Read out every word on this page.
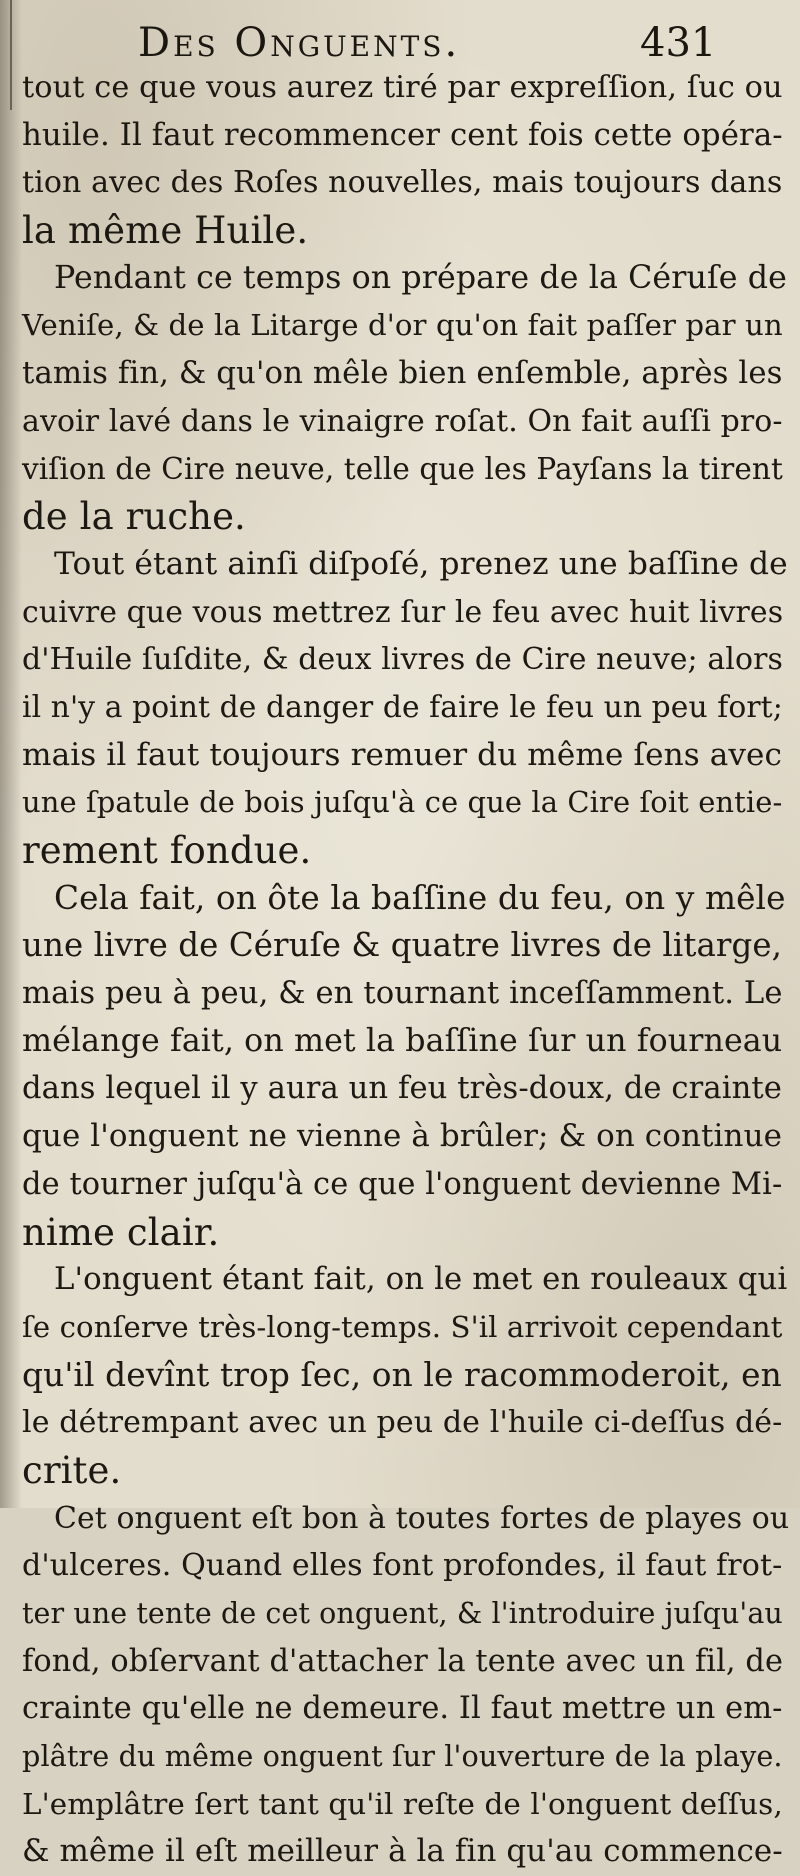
Des Onguents.	431
tout ce que vous aurez tiré par expreſſion, ſuc ou
huile. Il faut recommencer cent fois cette opéra-
tion avec des Roſes nouvelles, mais toujours dans
la même Huile.
Pendant ce temps on prépare de la Céruſe de
Veniſe, & de la Litarge d'or qu'on fait paſſer par un
tamis fin, & qu'on mêle bien enſemble, après les
avoir lavé dans le vinaigre roſat. On fait auſſi pro-
viſion de Cire neuve, telle que les Payſans la tirent
de la ruche.
Tout étant ainſi diſpoſé, prenez une baſſine de
cuivre que vous mettrez ſur le feu avec huit livres
d'Huile ſuſdite, & deux livres de Cire neuve; alors
il n'y a point de danger de faire le feu un peu fort;
mais il faut toujours remuer du même ſens avec
une ſpatule de bois juſqu'à ce que la Cire ſoit entie-
rement fondue.
Cela fait, on ôte la baſſine du feu, on y mêle
une livre de Céruſe & quatre livres de litarge,
mais peu à peu, & en tournant inceſſamment. Le
mélange fait, on met la baſſine ſur un fourneau
dans lequel il y aura un feu très-doux, de crainte
que l'onguent ne vienne à brûler; & on continue
de tourner juſqu'à ce que l'onguent devienne Mi-
nime clair.
L'onguent étant fait, on le met en rouleaux qui
ſe conſerve très-long-temps. S'il arrivoit cependant
qu'il devînt trop ſec, on le racommoderoit, en
le détrempant avec un peu de l'huile ci-deſſus dé-
crite.
Cet onguent eſt bon à toutes fortes de playes ou
d'ulceres. Quand elles font profondes, il faut frot-
ter une tente de cet onguent, & l'introduire juſqu'au
fond, obſervant d'attacher la tente avec un fil, de
crainte qu'elle ne demeure. Il faut mettre un em-
plâtre du même onguent ſur l'ouverture de la playe.
L'emplâtre ſert tant qu'il reſte de l'onguent deſſus,
& même il eſt meilleur à la fin qu'au commence-
